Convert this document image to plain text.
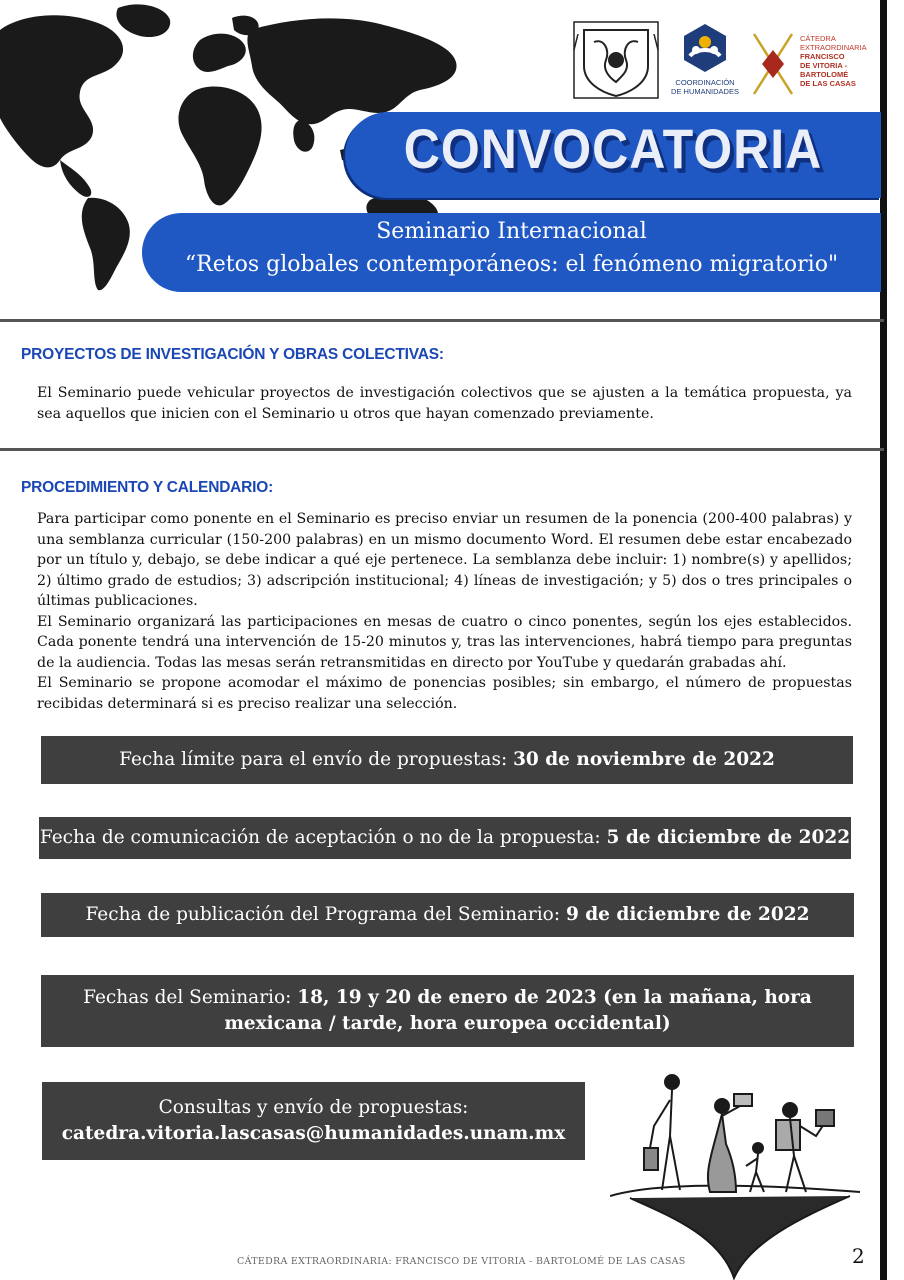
COORDINACIÓN
DE HUMANIDADES
CÁTEDRA
EXTRAORDINARIA
FRANCISCO
DE VITORIA -
BARTOLOMÉ
DE LAS CASAS
CONVOCATORIA
Seminario Internacional
“Retos globales contemporáneos: el fenómeno migratorio"
PROYECTOS DE INVESTIGACIÓN Y OBRAS COLECTIVAS:

El Seminario puede vehicular proyectos de investigación colectivos que se ajusten a la temática propuesta, ya sea aquellos que inicien con el Seminario u otros que hayan comenzado previamente.

PROCEDIMIENTO Y CALENDARIO:

Para participar como ponente en el Seminario es preciso enviar un resumen de la ponencia (200-400 palabras) y una semblanza curricular (150-200 palabras) en un mismo documento Word. El resumen debe estar encabezado por un título y, debajo, se debe indicar a qué eje pertenece. La semblanza debe incluir: 1) nombre(s) y apellidos; 2) último grado de estudios; 3) adscripción institucional; 4) líneas de investigación; y 5) dos o tres principales o últimas publicaciones.

El Seminario organizará las participaciones en mesas de cuatro o cinco ponentes, según los ejes establecidos. Cada ponente tendrá una intervención de 15-20 minutos y, tras las intervenciones, habrá tiempo para preguntas de la audiencia. Todas las mesas serán retransmitidas en directo por YouTube y quedarán grabadas ahí.

El Seminario se propone acomodar el máximo de ponencias posibles; sin embargo, el número de propuestas recibidas determinará si es preciso realizar una selección.

Fecha límite para el envío de propuestas: 30 de noviembre de 2022
Fecha de comunicación de aceptación o no de la propuesta: 5 de diciembre de 2022
Fecha de publicación del Programa del Seminario: 9 de diciembre de 2022
Fechas del Seminario: 18, 19 y 20 de enero de 2023 (en la mañana, hora mexicana / tarde, hora europea occidental)
Consultas y envío de propuestas:
catedra.vitoria.lascasas@humanidades.unam.mx
CÁTEDRA EXTRAORDINARIA: FRANCISCO DE VITORIA - BARTOLOMÉ DE LAS CASAS	2
